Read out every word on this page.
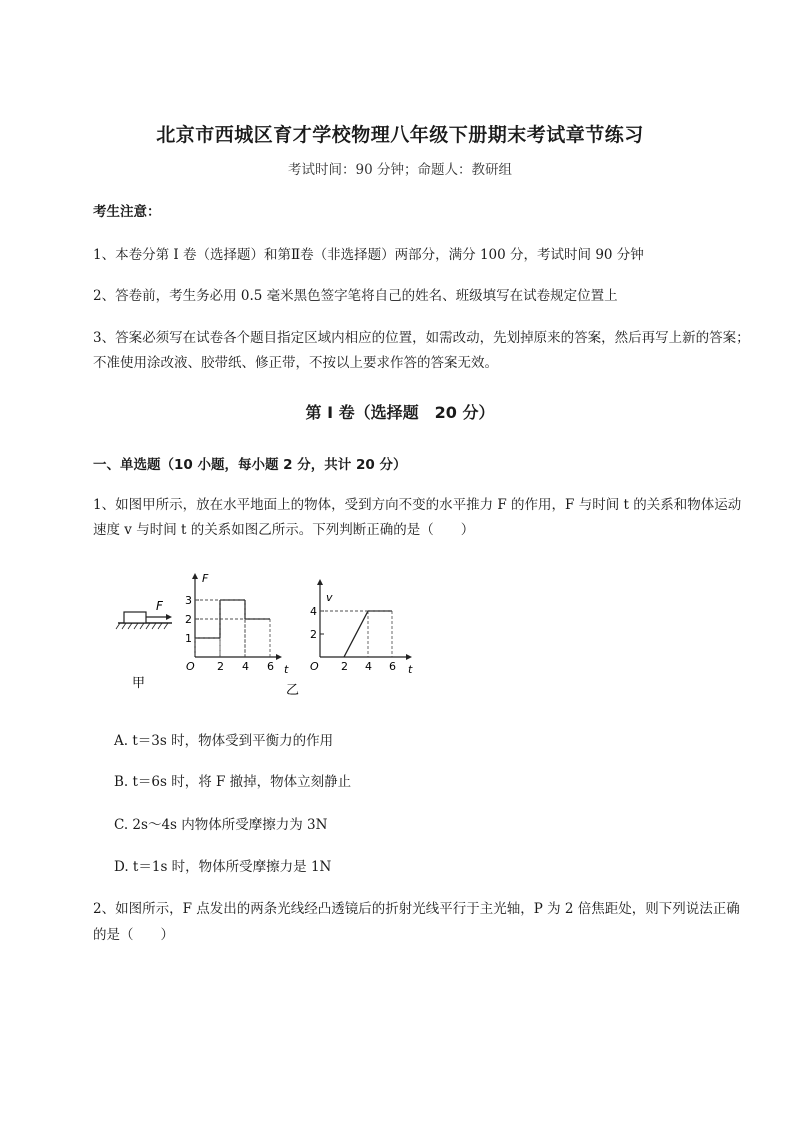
北京市西城区育才学校物理八年级下册期末考试章节练习
考试时间：90 分钟；命题人：教研组
考生注意：
1、本卷分第 I 卷（选择题）和第Ⅱ卷（非选择题）两部分，满分 100 分，考试时间 90 分钟
2、答卷前，考生务必用 0.5 毫米黑色签字笔将自己的姓名、班级填写在试卷规定位置上
3、答案必须写在试卷各个题目指定区域内相应的位置，如需改动，先划掉原来的答案，然后再写上新的答案；不准使用涂改液、胶带纸、修正带，不按以上要求作答的答案无效。
第 I 卷（选择题　20 分）
一、单选题（10 小题，每小题 2 分，共计 20 分）
1、如图甲所示，放在水平地面上的物体，受到方向不变的水平推力 F 的作用，F 与时间 t 的关系和物体运动速度 v 与时间 t 的关系如图乙所示。下列判断正确的是（　　）
F
甲
F
O	t
1
2
3
2 4 6
v
O	t
2
4
2 4 6
乙
A. t＝3s 时，物体受到平衡力的作用
B. t＝6s 时，将 F 撤掉，物体立刻静止
C. 2s～4s 内物体所受摩擦力为 3N
D. t＝1s 时，物体所受摩擦力是 1N
2、如图所示，F 点发出的两条光线经凸透镜后的折射光线平行于主光轴，P 为 2 倍焦距处，则下列说法正确的是（　　）
